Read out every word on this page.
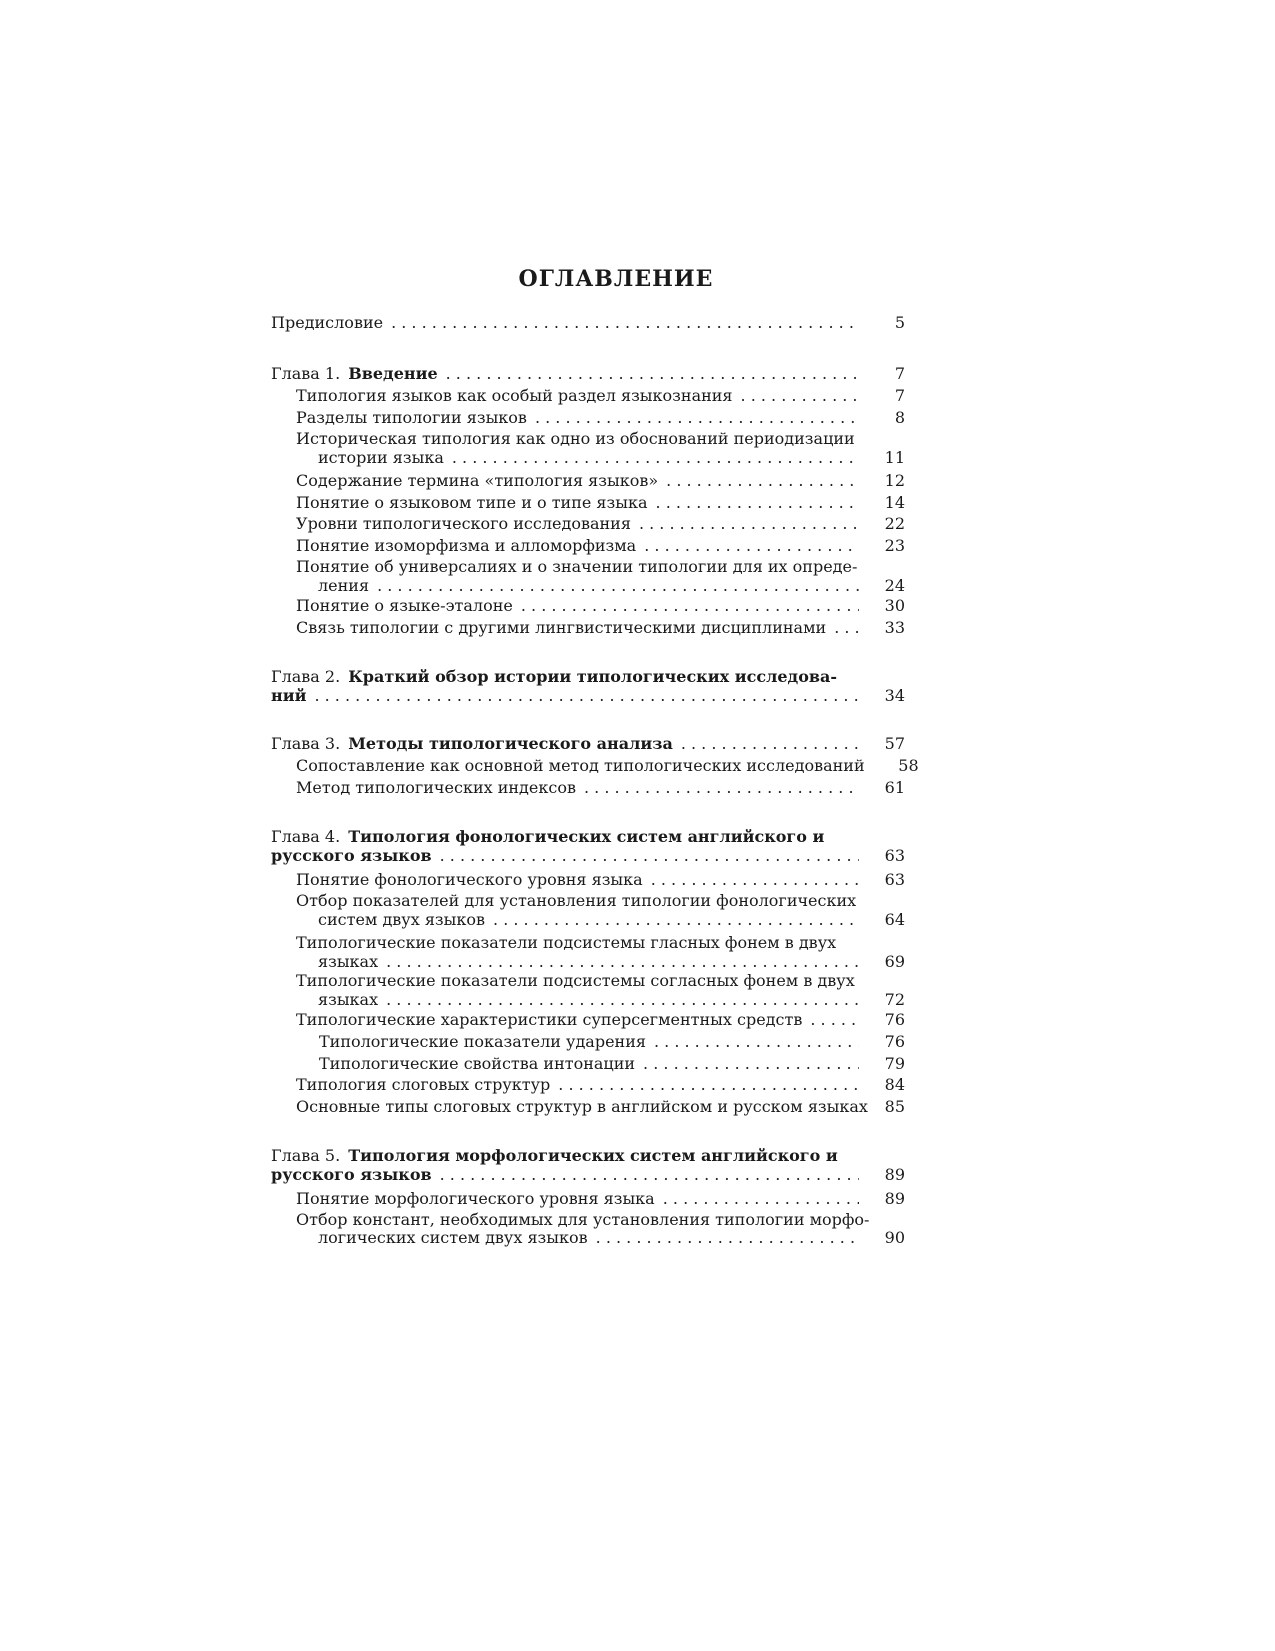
ОГЛАВЛЕНИЕ
Предисловие . . .	5
Глава 1. Введение . . .	7
Типология языков как особый раздел языкознания . . .	7
Разделы типологии языков . . .	8
Историческая типология как одно из обоснований периодизации
истории языка . . .	11
Содержание термина «типология языков» . . .	12
Понятие о языковом типе и о типе языка . . .	14
Уровни типологического исследования . . .	22
Понятие изоморфизма и алломорфизма . . .	23
Понятие об универсалиях и о значении типологии для их опреде-
ления . . .	24
Понятие о языке-эталоне . . .	30
Связь типологии с другими лингвистическими дисциплинами . . .	33
Глава 2. Краткий обзор истории типологических исследова-
ний . . .	34
Глава 3. Методы типологического анализа . . .	57
Сопоставление как основной метод типологических исследований	58
Метод типологических индексов . . .	61
Глава 4. Типология фонологических систем английского и
русского языков . . .	63
Понятие фонологического уровня языка . . .	63
Отбор показателей для установления типологии фонологических
систем двух языков . . .	64
Типологические показатели подсистемы гласных фонем в двух
языках . . .	69
Типологические показатели подсистемы согласных фонем в двух
языках . . .	72
Типологические характеристики суперсегментных средств . . .	76
Типологические показатели ударения . . .	76
Типологические свойства интонации . . .	79
Типология слоговых структур . . .	84
Основные типы слоговых структур в английском и русском языках	85
Глава 5. Типология морфологических систем английского и
русского языков . . .	89
Понятие морфологического уровня языка . . .	89
Отбор констант, необходимых для установления типологии морфо-
логических систем двух языков . . .	90
